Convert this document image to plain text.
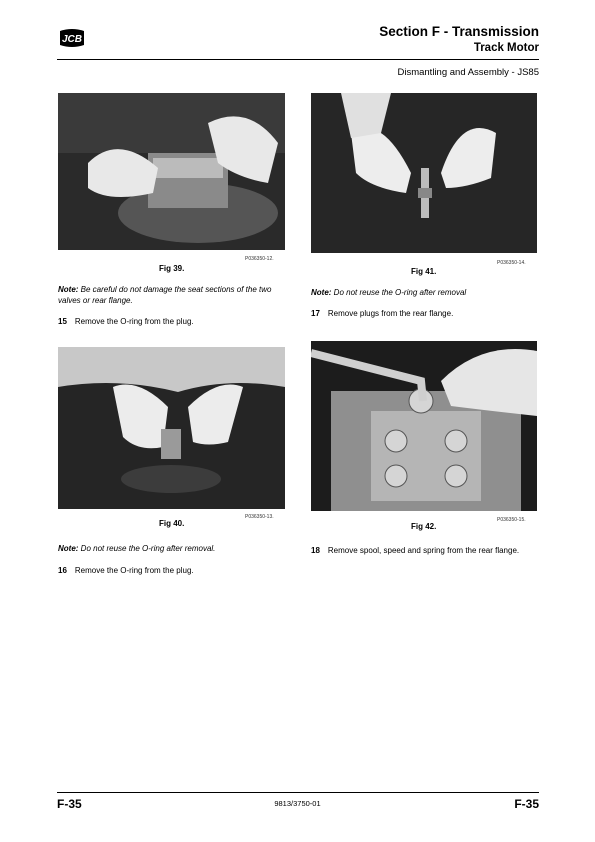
JCB
Section F - Transmission
Track Motor
Dismantling and Assembly - JS85
P036350-12.
Fig 39.
Note: Be careful do not damage the seat sections of the two valves or rear flange.
15 Remove the O-ring from the plug.
P036350-13.
Fig 40.
Note: Do not reuse the O-ring after removal.
16 Remove the O-ring from the plug.
P036350-14.
Fig 41.
Note: Do not reuse the O-ring after removal
17 Remove plugs from the rear flange.
P036350-15.
Fig 42.
18 Remove spool, speed and spring from the rear flange.
F-35	9813/3750-01	F-35
